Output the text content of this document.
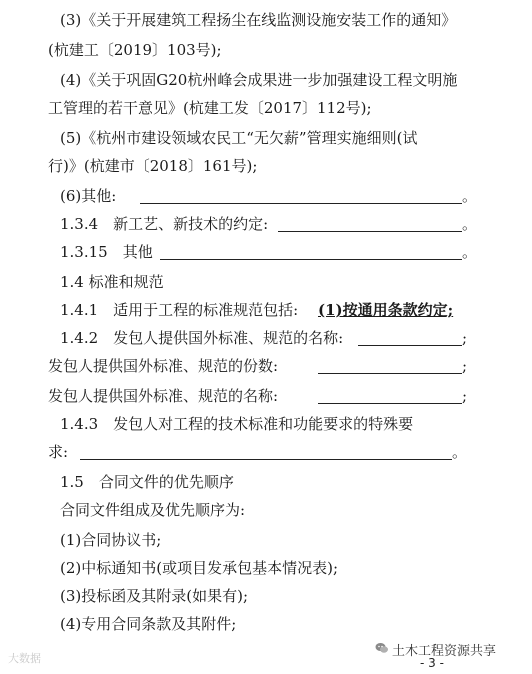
(3)《关于开展建筑工程扬尘在线监测设施安装工作的通知》
(杭建工〔2019〕103号);
(4)《关于巩固G20杭州峰会成果进一步加强建设工程文明施
工管理的若干意见》(杭建工发〔2017〕112号);
(5)《杭州市建设领域农民工“无欠薪”管理实施细则(试
行)》(杭建市〔2018〕161号);
(6)其他:	。
1.3.4　新工艺、新技术的约定:	。
1.3.15　其他	。
1.4 标准和规范
1.4.1　适用于工程的标准规范包括: (1)按通用条款约定;
1.4.2　发包人提供国外标准、规范的名称:	;
发包人提供国外标准、规范的份数:	;
发包人提供国外标准、规范的名称:	;
1.4.3　发包人对工程的技术标准和功能要求的特殊要
求:	。
1.5　合同文件的优先顺序
合同文件组成及优先顺序为:
(1)合同协议书;
(2)中标通知书(或项目发承包基本情况表);
(3)投标函及其附录(如果有);
(4)专用合同条款及其附件;
大数据	土木工程资源共享
- 3 -
